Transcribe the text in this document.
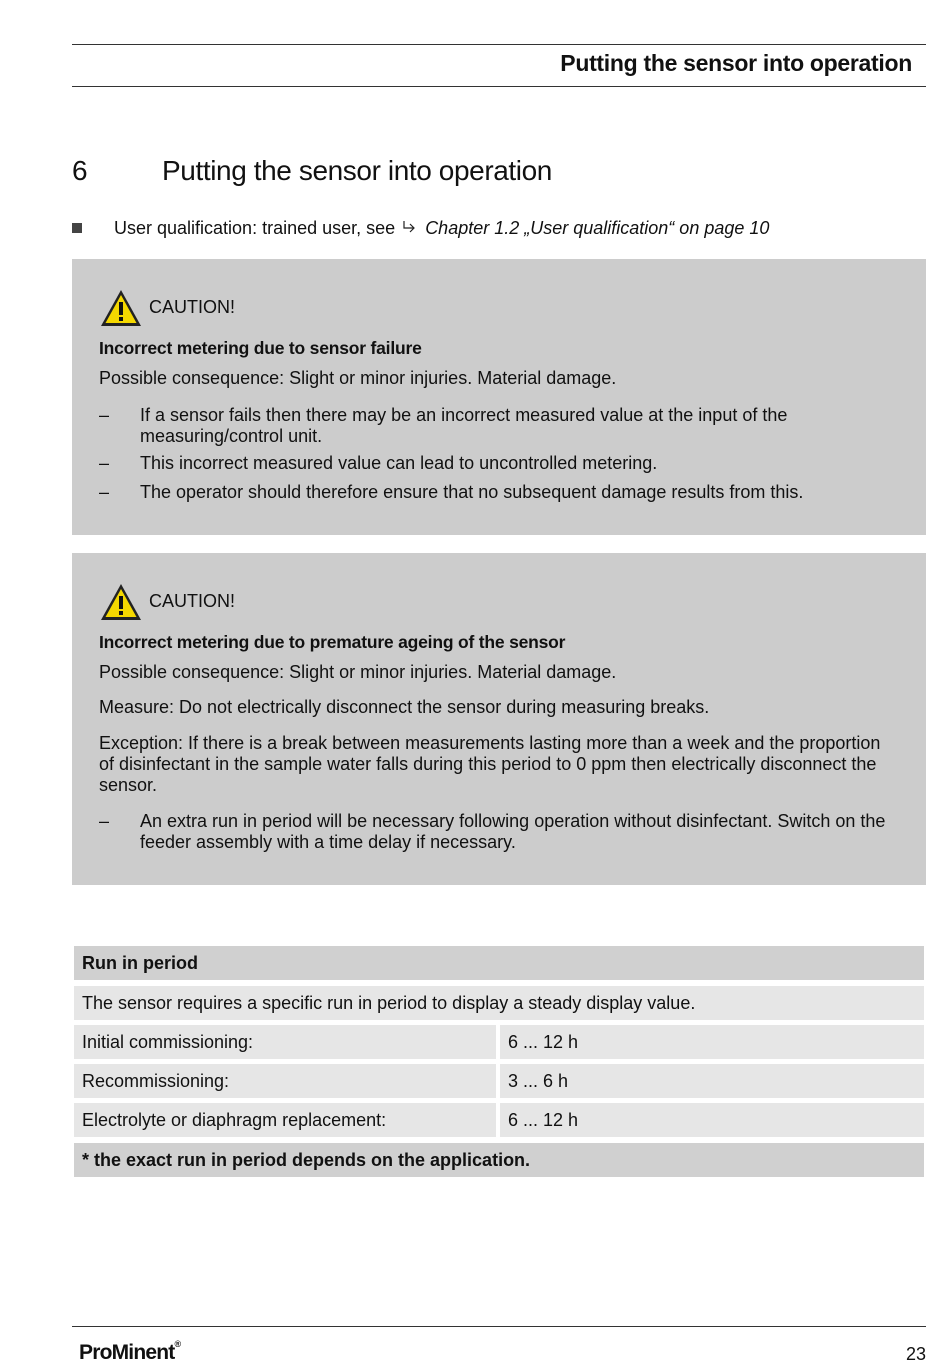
Putting the sensor into operation
6	Putting the sensor into operation
User qualification: trained user, see Chapter 1.2 „User qualification“ on page 10
CAUTION!
Incorrect metering due to sensor failure
Possible consequence: Slight or minor injuries. Material damage.
– If a sensor fails then there may be an incorrect measured value at the input of the measuring/control unit.
– This incorrect measured value can lead to uncontrolled metering.
– The operator should therefore ensure that no subsequent damage results from this.
CAUTION!
Incorrect metering due to premature ageing of the sensor
Possible consequence: Slight or minor injuries. Material damage.
Measure: Do not electrically disconnect the sensor during measuring breaks.
Exception: If there is a break between measurements lasting more than a week and the proportion of disinfectant in the sample water falls during this period to 0 ppm then electrically disconnect the sensor.
– An extra run in period will be necessary following operation without disinfectant. Switch on the feeder assembly with a time delay if necessary.
Run in period
The sensor requires a specific run in period to display a steady display value.
Initial commissioning:	6 ... 12 h
Recommissioning:	3 ... 6 h
Electrolyte or diaphragm replacement:	6 ... 12 h
* the exact run in period depends on the application.
ProMinent®	23
